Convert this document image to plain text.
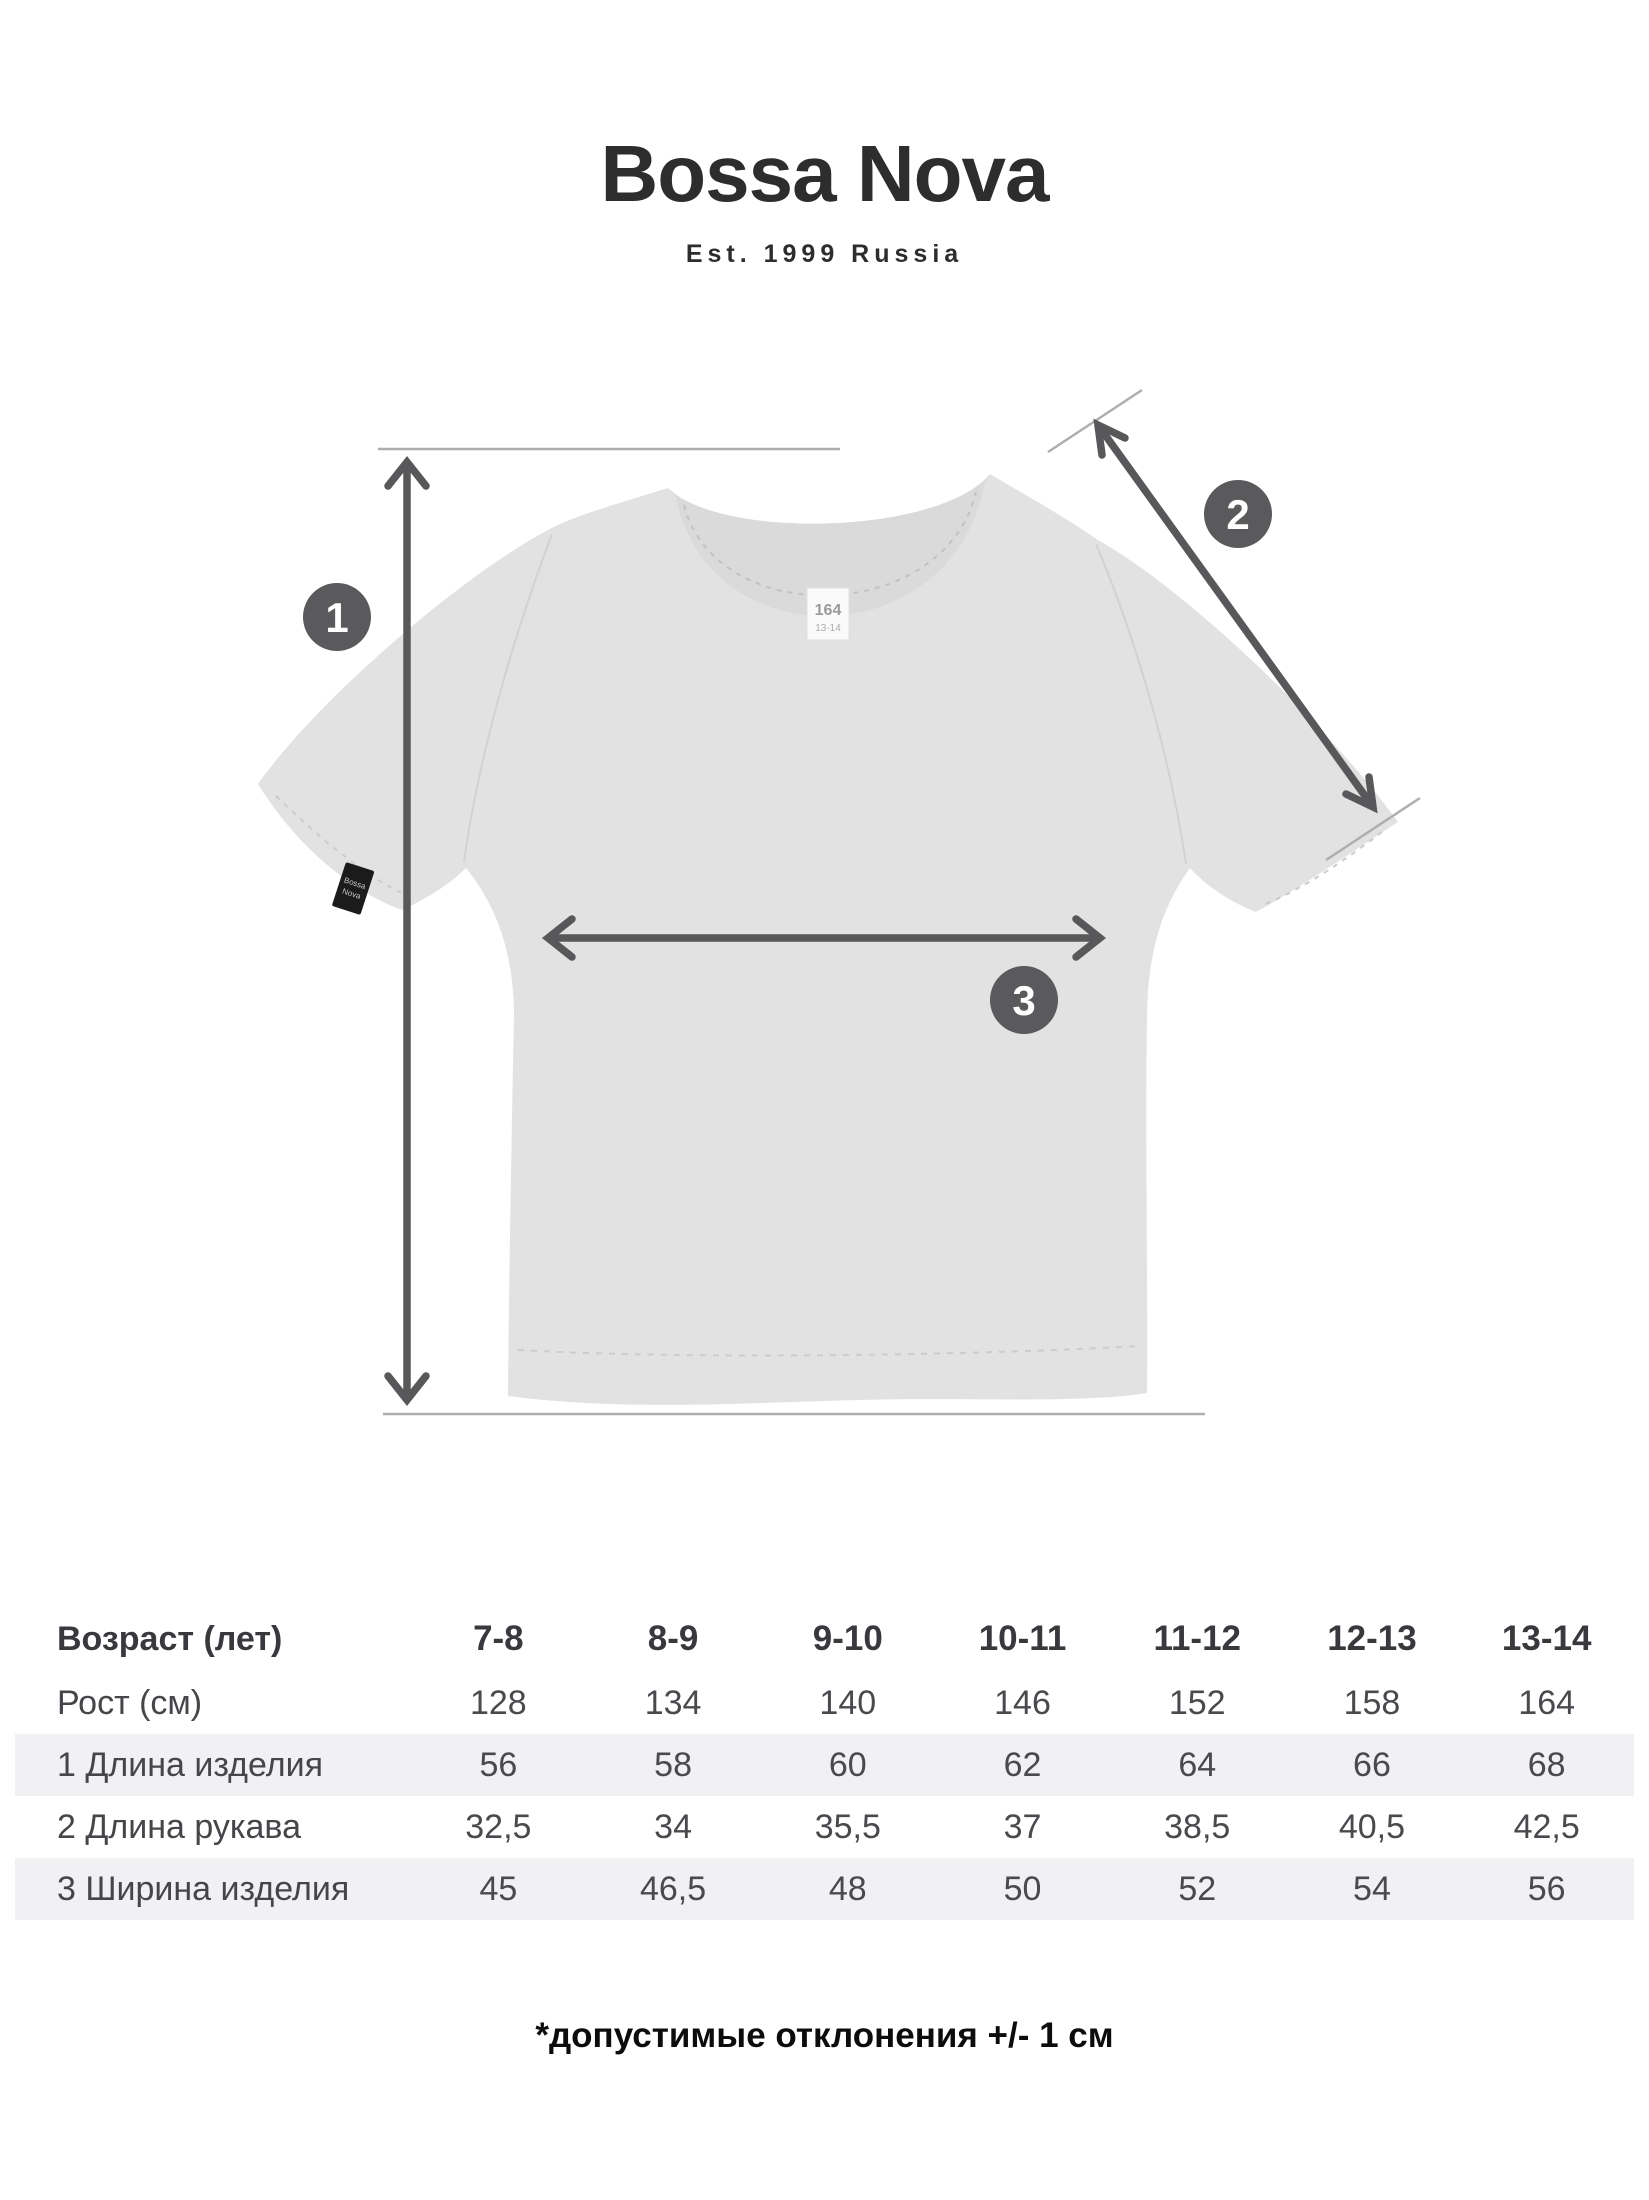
Bossa Nova
Est. 1999 Russia
164
13-14
Bossa
Nova
1
2
3
Возраст (лет)	7-8	8-9	9-10	10-11	11-12	12-13	13-14
Рост (см)	128	134	140	146	152	158	164
1 Длина изделия	56	58	60	62	64	66	68
2 Длина рукава	32,5	34	35,5	37	38,5	40,5	42,5
3 Ширина изделия	45	46,5	48	50	52	54	56
*допустимые отклонения +/- 1 см
